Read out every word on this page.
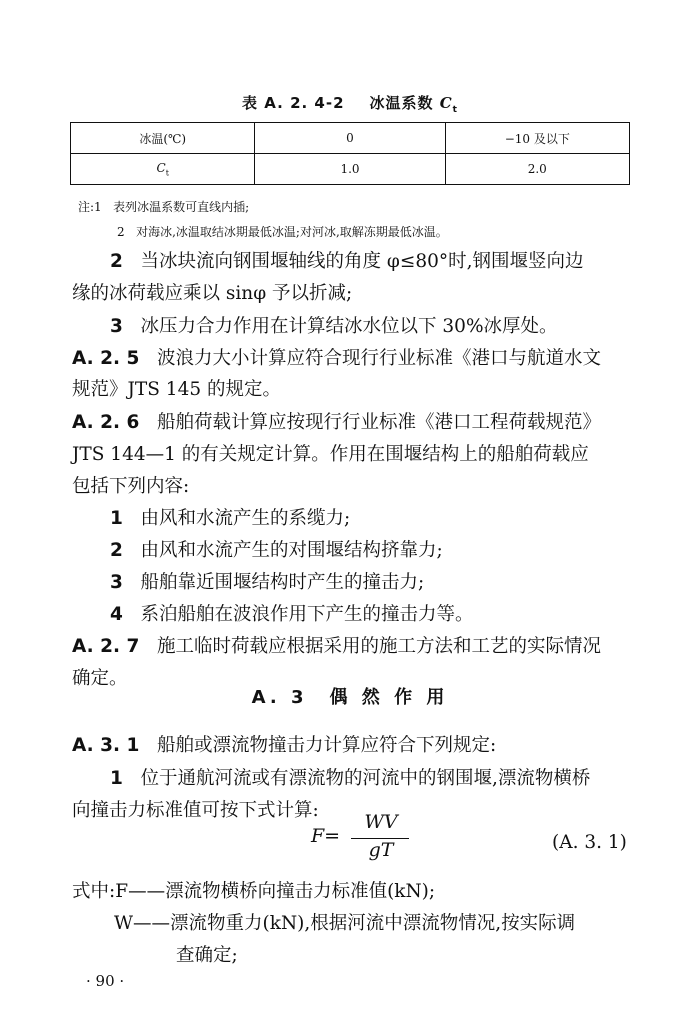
表 A. 2. 4-2 冰温系数 $C_t$
冰温(℃)	0	−10 及以下
$C_t$	1.0	2.0
注:1 表列冰温系数可直线内插;
2 对海冰,冰温取结冰期最低冰温;对河冰,取解冻期最低冰温。
2 当冰块流向钢围堰轴线的角度 φ≤80°时,钢围堰竖向边
缘的冰荷载应乘以 sinφ 予以折减;
3 冰压力合力作用在计算结冰水位以下 30%冰厚处。
A. 2. 5 波浪力大小计算应符合现行行业标准《港口与航道水文
规范》JTS 145 的规定。
A. 2. 6 船舶荷载计算应按现行行业标准《港口工程荷载规范》
JTS 144—1 的有关规定计算。作用在围堰结构上的船舶荷载应
包括下列内容:
1 由风和水流产生的系缆力;
2 由风和水流产生的对围堰结构挤靠力;
3 船舶靠近围堰结构时产生的撞击力;
4 系泊船舶在波浪作用下产生的撞击力等。
A. 2. 7 施工临时荷载应根据采用的施工方法和工艺的实际情况
确定。
A. 3　偶 然 作 用
A. 3. 1 船舶或漂流物撞击力计算应符合下列规定:
1 位于通航河流或有漂流物的河流中的钢围堰,漂流物横桥
向撞击力标准值可按下式计算:
F=
WV
gT	(A. 3. 1)
式中:F——漂流物横桥向撞击力标准值(kN);
W——漂流物重力(kN),根据河流中漂流物情况,按实际调
查确定;
· 90 ·
